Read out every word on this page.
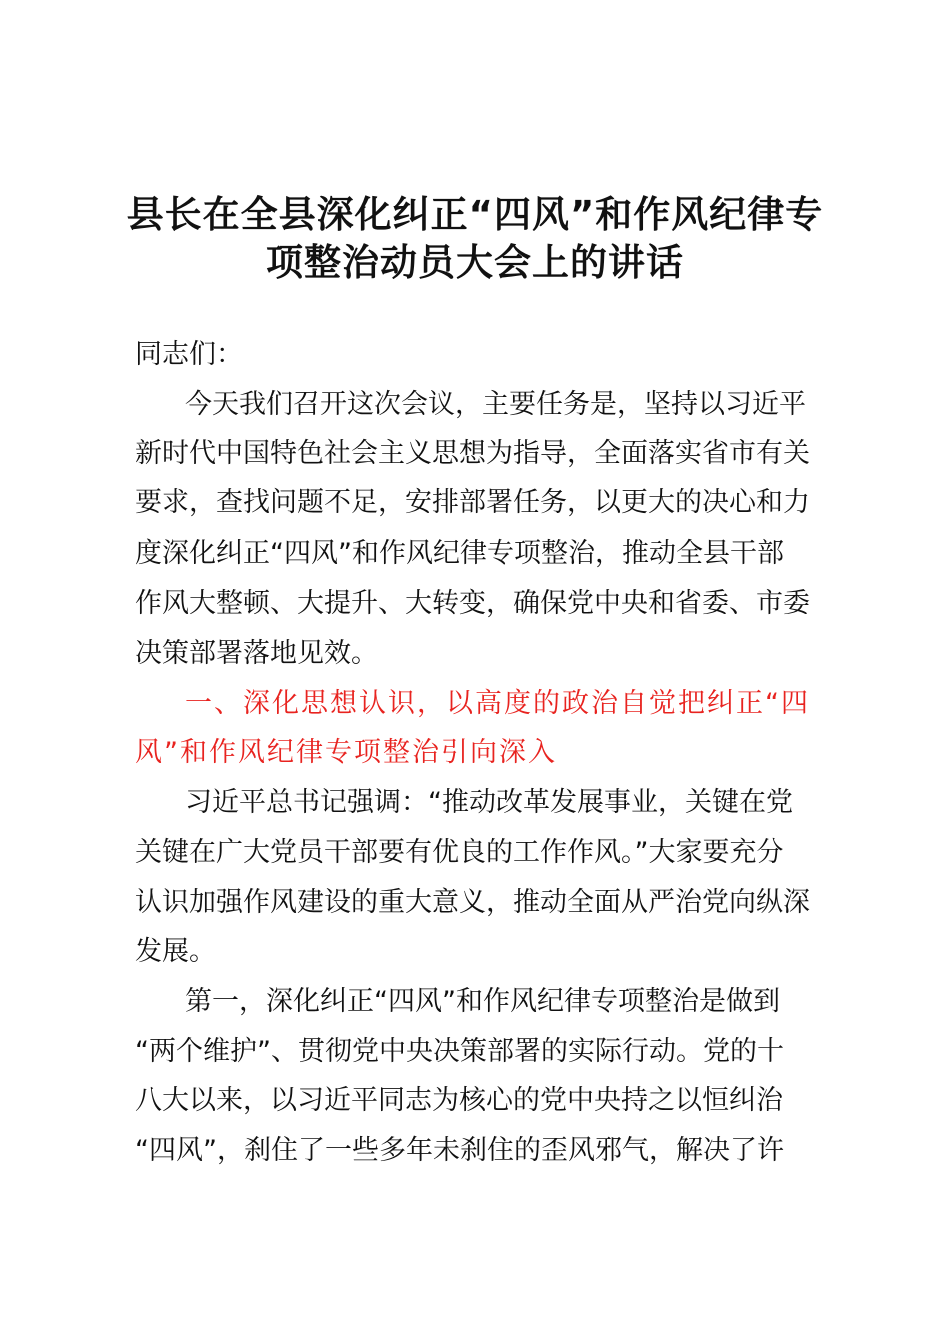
县长在全县深化纠正“四风”和作风纪律专
项整治动员大会上的讲话
同志们：
今天我们召开这次会议，主要任务是，坚持以习近平
新时代中国特色社会主义思想为指导，全面落实省市有关
要求，查找问题不足，安排部署任务，以更大的决心和力
度深化纠正“四风”和作风纪律专项整治，推动全县干部
作风大整顿、大提升、大转变，确保党中央和省委、市委
决策部署落地见效。
一、深化思想认识，以高度的政治自觉把纠正“四
风”和作风纪律专项整治引向深入
习近平总书记强调：“推动改革发展事业，关键在党
关键在广大党员干部要有优良的工作作风。”大家要充分
认识加强作风建设的重大意义，推动全面从严治党向纵深
发展。
第一，深化纠正“四风”和作风纪律专项整治是做到
“两个维护”、贯彻党中央决策部署的实际行动。党的十
八大以来，以习近平同志为核心的党中央持之以恒纠治
“四风”，刹住了一些多年未刹住的歪风邪气，解决了许
